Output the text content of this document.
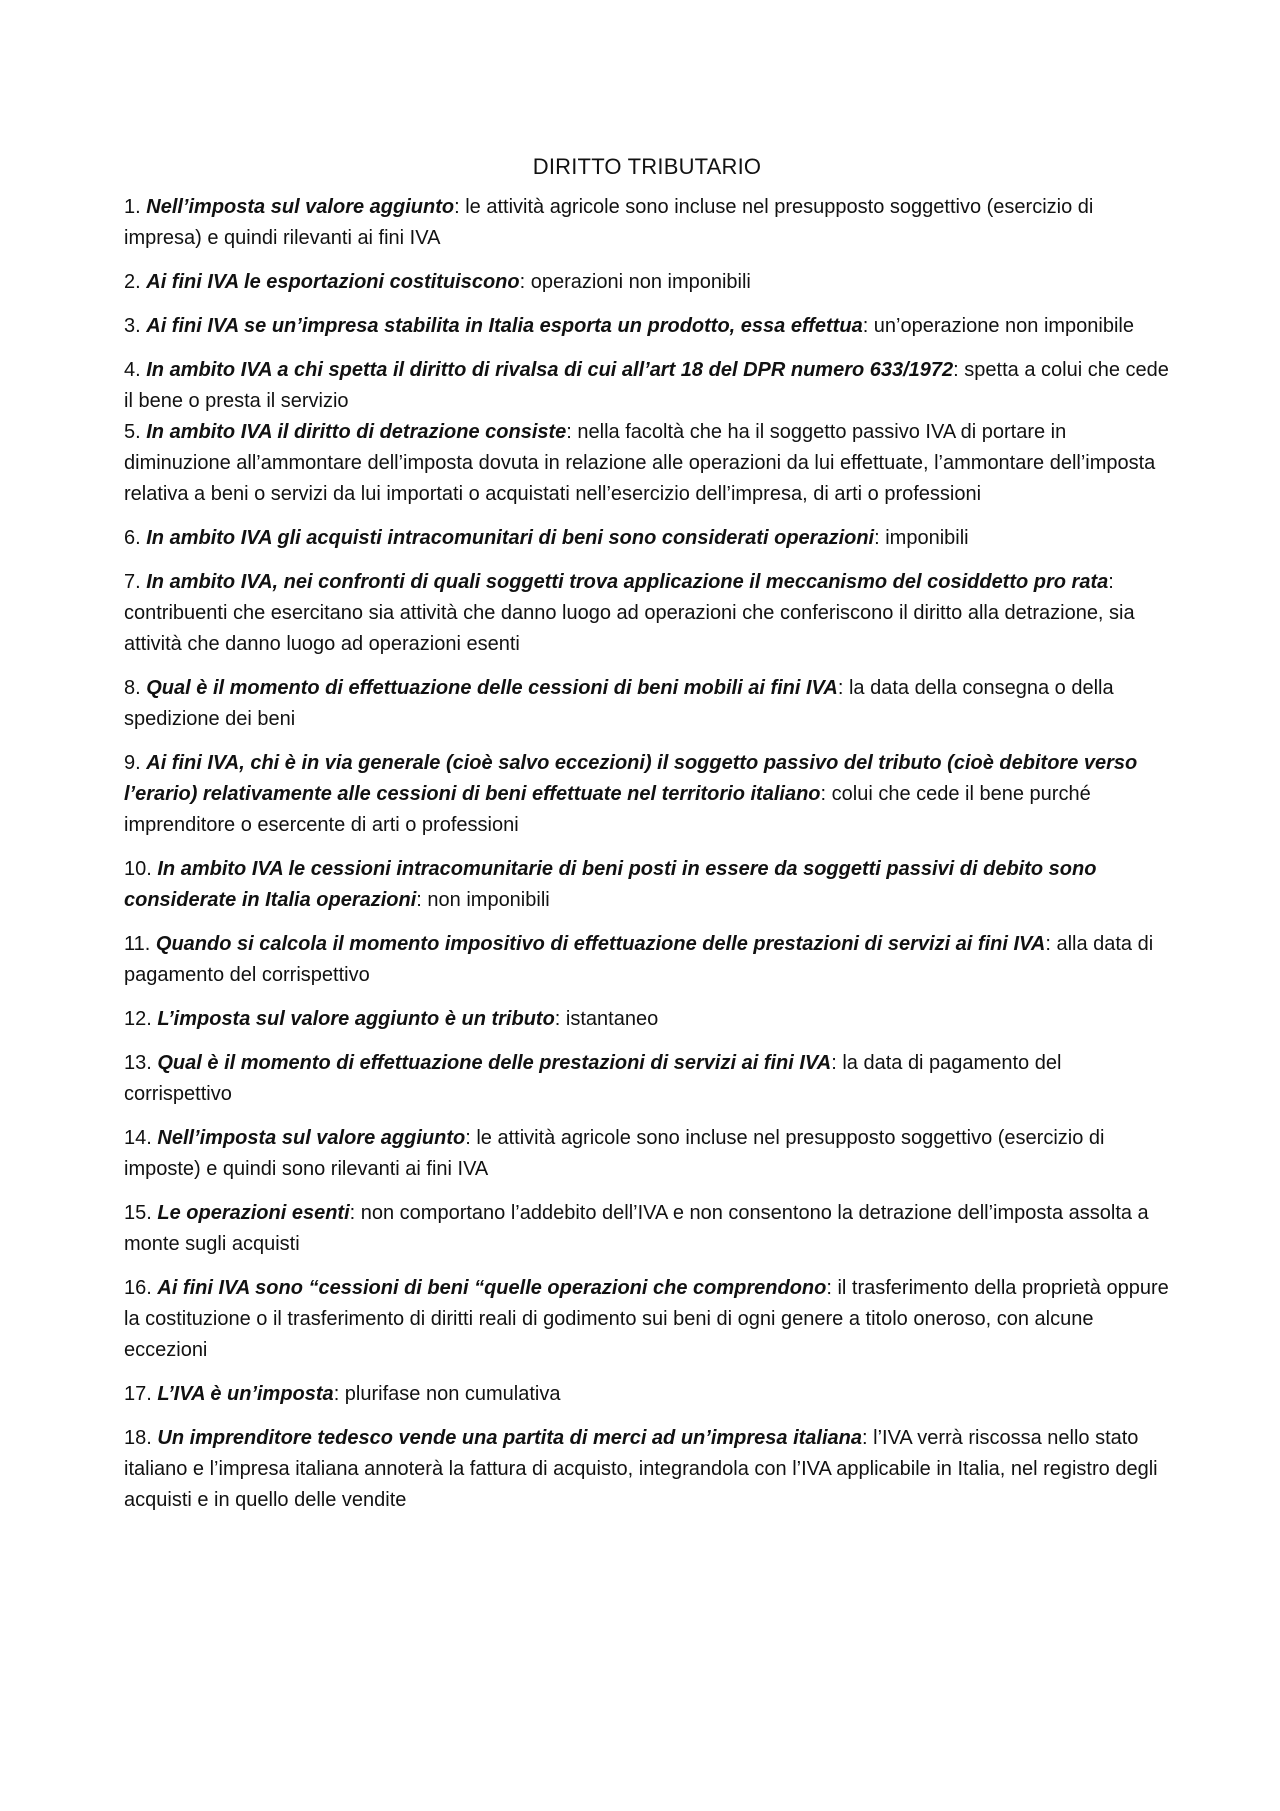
DIRITTO TRIBUTARIO
1. Nell’imposta sul valore aggiunto: le attività agricole sono incluse nel presupposto soggettivo (esercizio di impresa) e quindi rilevanti ai fini IVA
2. Ai fini IVA le esportazioni costituiscono: operazioni non imponibili
3. Ai fini IVA se un’impresa stabilita in Italia esporta un prodotto, essa effettua: un’operazione non imponibile
4. In ambito IVA a chi spetta il diritto di rivalsa di cui all’art 18 del DPR numero 633/1972: spetta a colui che cede il bene o presta il servizio
5. In ambito IVA il diritto di detrazione consiste: nella facoltà che ha il soggetto passivo IVA di portare in diminuzione all’ammontare dell’imposta dovuta in relazione alle operazioni da lui effettuate, l’ammontare dell’imposta relativa a beni o servizi da lui importati o acquistati nell’esercizio dell’impresa, di arti o professioni
6. In ambito IVA gli acquisti intracomunitari di beni sono considerati operazioni: imponibili
7. In ambito IVA, nei confronti di quali soggetti trova applicazione il meccanismo del cosiddetto pro rata: contribuenti che esercitano sia attività che danno luogo ad operazioni che conferiscono il diritto alla detrazione, sia attività che danno luogo ad operazioni esenti
8. Qual è il momento di effettuazione delle cessioni di beni mobili ai fini IVA: la data della consegna o della spedizione dei beni
9. Ai fini IVA, chi è in via generale (cioè salvo eccezioni) il soggetto passivo del tributo (cioè debitore verso l’erario) relativamente alle cessioni di beni effettuate nel territorio italiano: colui che cede il bene purché imprenditore o esercente di arti o professioni
10. In ambito IVA le cessioni intracomunitarie di beni posti in essere da soggetti passivi di debito sono considerate in Italia operazioni: non imponibili
11. Quando si calcola il momento impositivo di effettuazione delle prestazioni di servizi ai fini IVA: alla data di pagamento del corrispettivo
12. L’imposta sul valore aggiunto è un tributo: istantaneo
13. Qual è il momento di effettuazione delle prestazioni di servizi ai fini IVA: la data di pagamento del corrispettivo
14. Nell’imposta sul valore aggiunto: le attività agricole sono incluse nel presupposto soggettivo (esercizio di imposte) e quindi sono rilevanti ai fini IVA
15. Le operazioni esenti: non comportano l’addebito dell’IVA e non consentono la detrazione dell’imposta assolta a monte sugli acquisti
16. Ai fini IVA sono “cessioni di beni “quelle operazioni che comprendono: il trasferimento della proprietà oppure la costituzione o il trasferimento di diritti reali di godimento sui beni di ogni genere a titolo oneroso, con alcune eccezioni
17. L’IVA è un’imposta: plurifase non cumulativa
18. Un imprenditore tedesco vende una partita di merci ad un’impresa italiana: l’IVA verrà riscossa nello stato italiano e l’impresa italiana annoterà la fattura di acquisto, integrandola con l’IVA applicabile in Italia, nel registro degli acquisti e in quello delle vendite
